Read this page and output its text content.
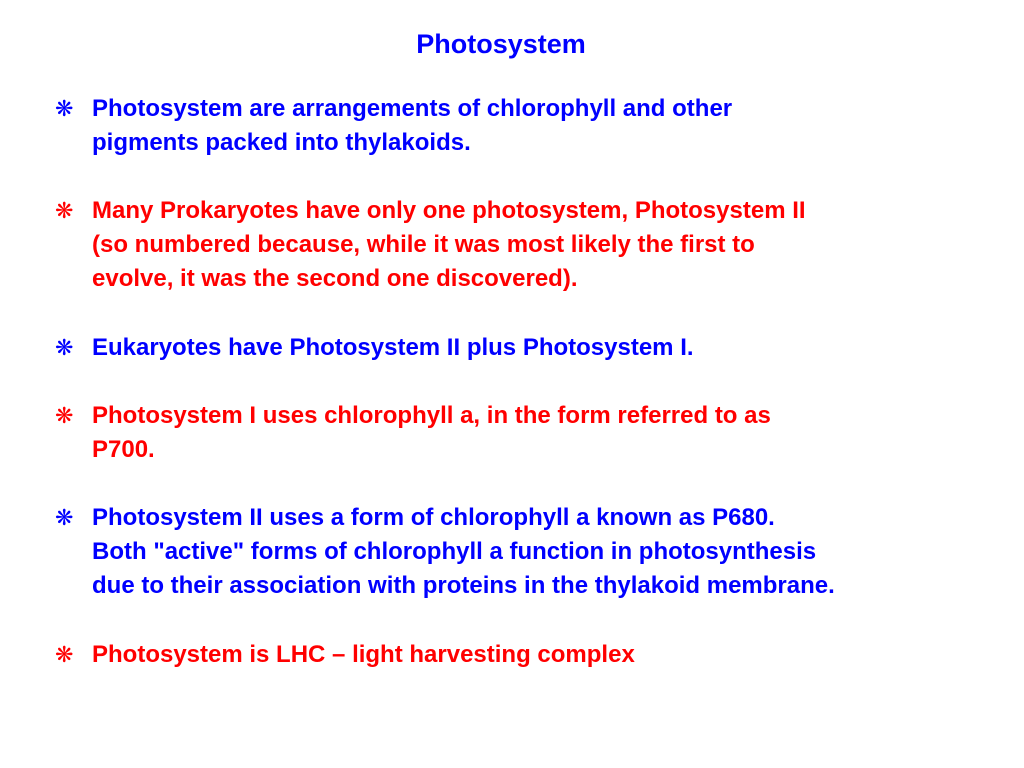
Photosystem
❋ Photosystem are arrangements of chlorophyll and other
pigments packed into thylakoids.
❋ Many Prokaryotes have only one photosystem, Photosystem II
(so numbered because, while it was most likely the first to
evolve, it was the second one discovered).
❋ Eukaryotes have Photosystem II plus Photosystem I.
❋ Photosystem I uses chlorophyll a, in the form referred to as
P700.
❋ Photosystem II uses a form of chlorophyll a known as P680.
Both "active" forms of chlorophyll a function in photosynthesis
due to their association with proteins in the thylakoid membrane.
❋ Photosystem is LHC – light harvesting complex
